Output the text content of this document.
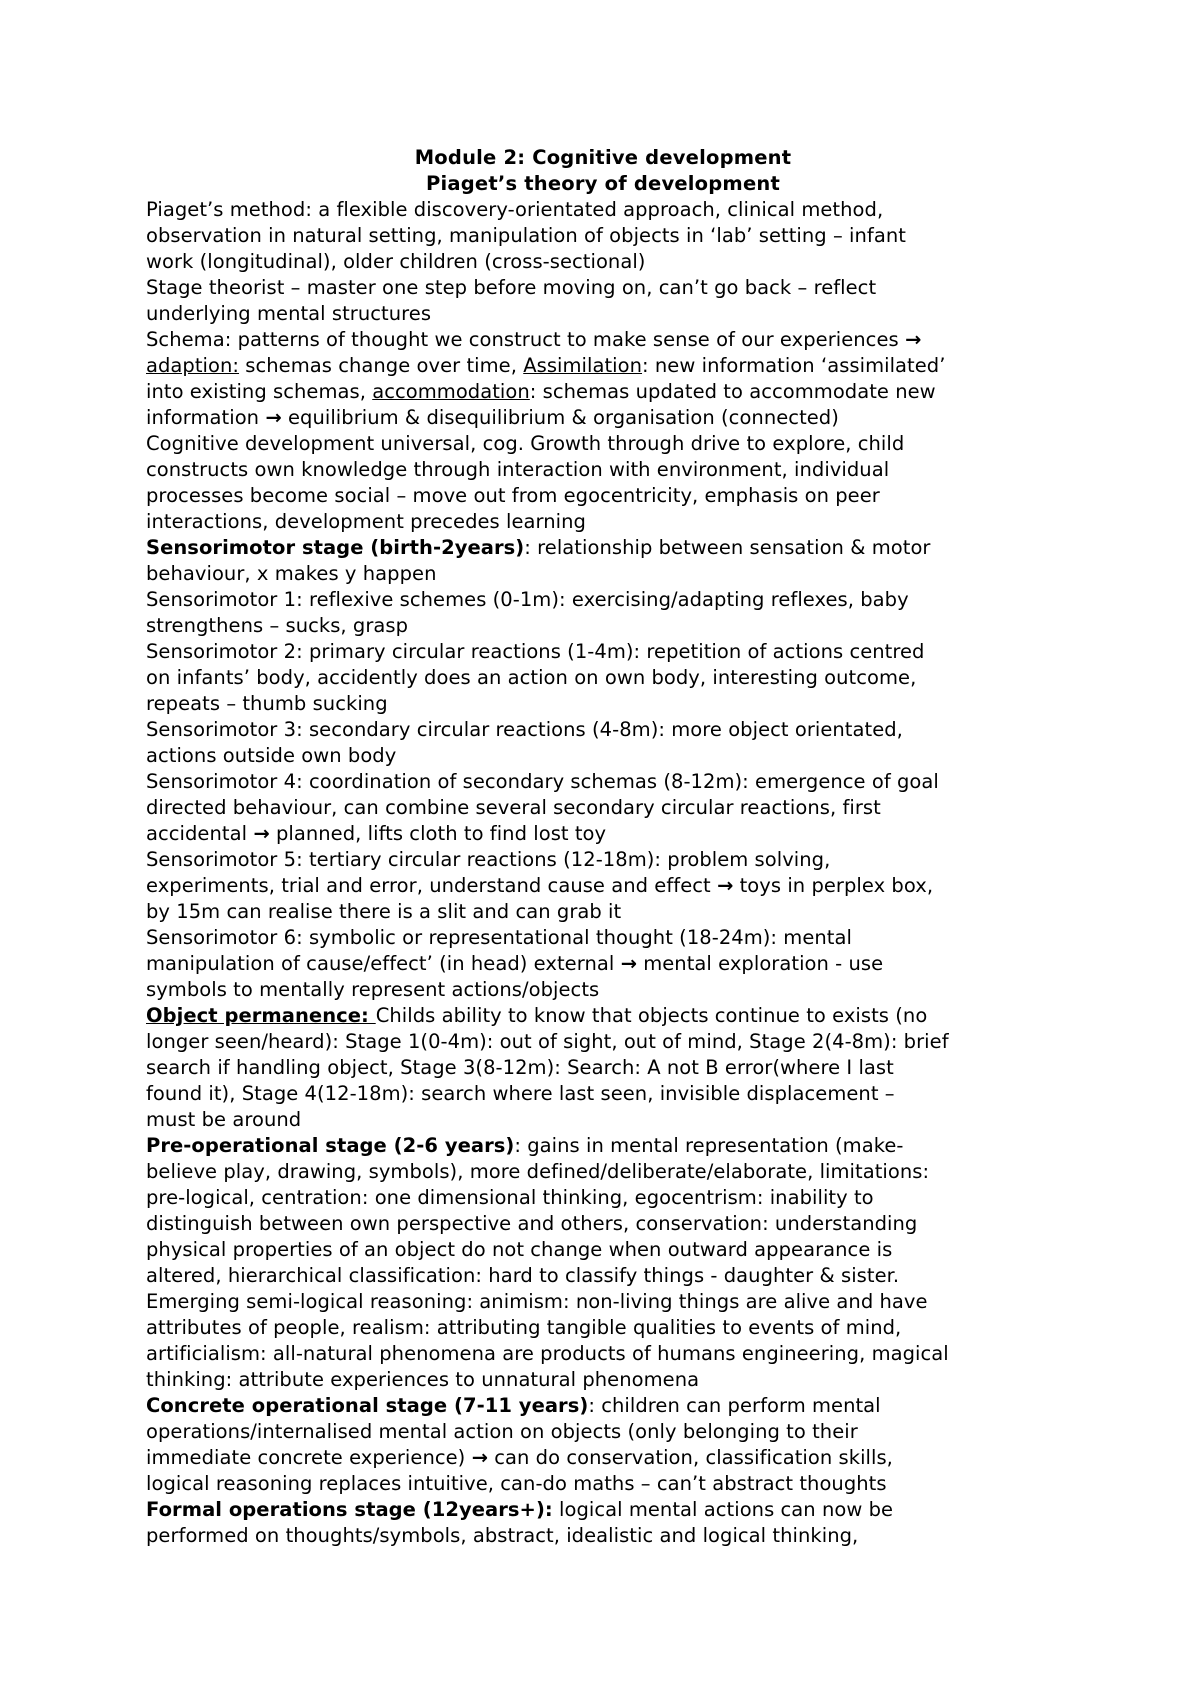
Module 2: Cognitive development

Piaget’s theory of development

Piaget’s method: a flexible discovery-orientated approach, clinical method,

observation in natural setting, manipulation of objects in ‘lab’ setting – infant

work (longitudinal), older children (cross-sectional)

Stage theorist – master one step before moving on, can’t go back – reflect

underlying mental structures

Schema: patterns of thought we construct to make sense of our experiences →

adaption: schemas change over time, Assimilation: new information ‘assimilated’

into existing schemas, accommodation: schemas updated to accommodate new

information → equilibrium & disequilibrium & organisation (connected)

Cognitive development universal, cog. Growth through drive to explore, child

constructs own knowledge through interaction with environment, individual

processes become social – move out from egocentricity, emphasis on peer

interactions, development precedes learning

Sensorimotor stage (birth-2years): relationship between sensation & motor

behaviour, x makes y happen

Sensorimotor 1: reflexive schemes (0-1m): exercising/adapting reflexes, baby

strengthens – sucks, grasp

Sensorimotor 2: primary circular reactions (1-4m): repetition of actions centred

on infants’ body, accidently does an action on own body, interesting outcome,

repeats – thumb sucking

Sensorimotor 3: secondary circular reactions (4-8m): more object orientated,

actions outside own body

Sensorimotor 4: coordination of secondary schemas (8-12m): emergence of goal

directed behaviour, can combine several secondary circular reactions, first

accidental → planned, lifts cloth to find lost toy

Sensorimotor 5: tertiary circular reactions (12-18m): problem solving,

experiments, trial and error, understand cause and effect → toys in perplex box,

by 15m can realise there is a slit and can grab it

Sensorimotor 6: symbolic or representational thought (18-24m): mental

manipulation of cause/effect’ (in head) external → mental exploration - use

symbols to mentally represent actions/objects

Object permanence: Childs ability to know that objects continue to exists (no

longer seen/heard): Stage 1(0-4m): out of sight, out of mind, Stage 2(4-8m): brief

search if handling object, Stage 3(8-12m): Search: A not B error(where I last

found it), Stage 4(12-18m): search where last seen, invisible displacement –

must be around

Pre-operational stage (2-6 years): gains in mental representation (make-

believe play, drawing, symbols), more defined/deliberate/elaborate, limitations:

pre-logical, centration: one dimensional thinking, egocentrism: inability to

distinguish between own perspective and others, conservation: understanding

physical properties of an object do not change when outward appearance is

altered, hierarchical classification: hard to classify things - daughter & sister.

Emerging semi-logical reasoning: animism: non-living things are alive and have

attributes of people, realism: attributing tangible qualities to events of mind,

artificialism: all-natural phenomena are products of humans engineering, magical

thinking: attribute experiences to unnatural phenomena

Concrete operational stage (7-11 years): children can perform mental

operations/internalised mental action on objects (only belonging to their

immediate concrete experience) → can do conservation, classification skills,

logical reasoning replaces intuitive, can-do maths – can’t abstract thoughts

Formal operations stage (12years+): logical mental actions can now be

performed on thoughts/symbols, abstract, idealistic and logical thinking,
